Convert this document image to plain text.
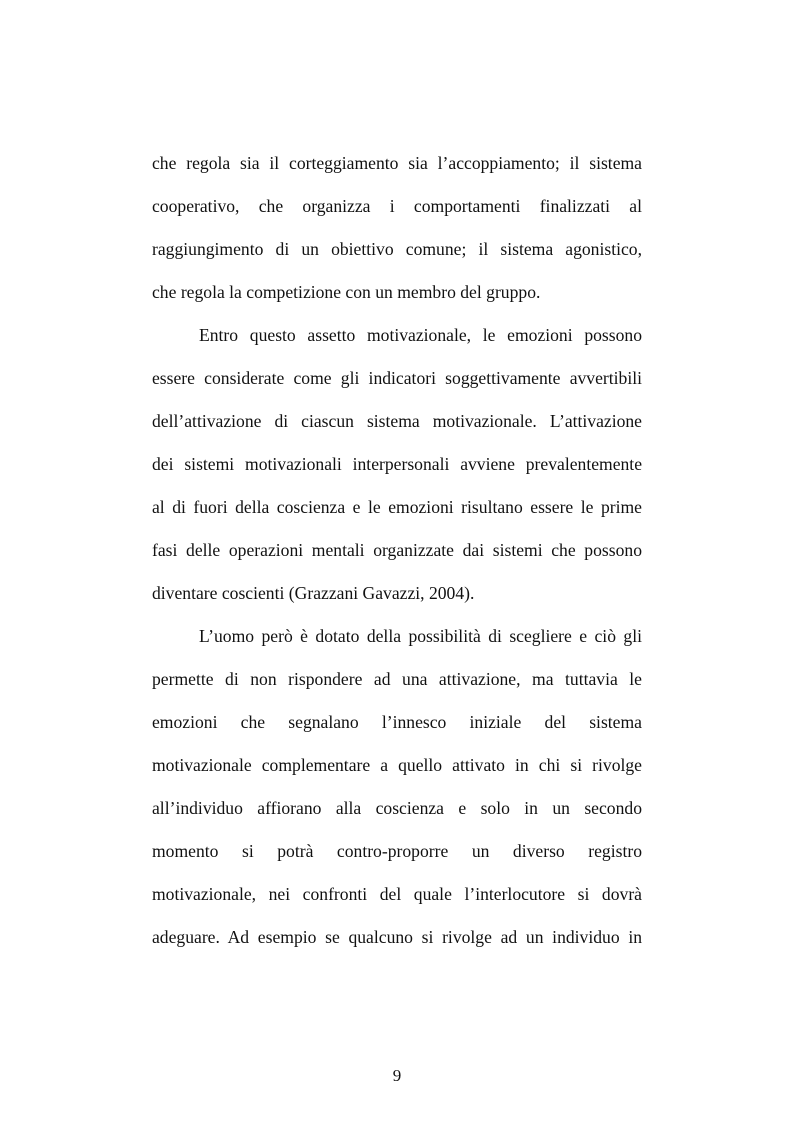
che regola sia il corteggiamento sia l’accoppiamento; il sistema
cooperativo, che organizza i comportamenti finalizzati al
raggiungimento di un obiettivo comune; il sistema agonistico,
che regola la competizione con un membro del gruppo.
Entro questo assetto motivazionale, le emozioni possono
essere considerate come gli indicatori soggettivamente avvertibili
dell’attivazione di ciascun sistema motivazionale. L’attivazione
dei sistemi motivazionali interpersonali avviene prevalentemente
al di fuori della coscienza e le emozioni risultano essere le prime
fasi delle operazioni mentali organizzate dai sistemi che possono
diventare coscienti (Grazzani Gavazzi, 2004).
L’uomo però è dotato della possibilità di scegliere e ciò gli
permette di non rispondere ad una attivazione, ma tuttavia le
emozioni che segnalano l’innesco iniziale del sistema
motivazionale complementare a quello attivato in chi si rivolge
all’individuo affiorano alla coscienza e solo in un secondo
momento si potrà contro-proporre un diverso registro
motivazionale, nei confronti del quale l’interlocutore si dovrà
adeguare. Ad esempio se qualcuno si rivolge ad un individuo in
9
